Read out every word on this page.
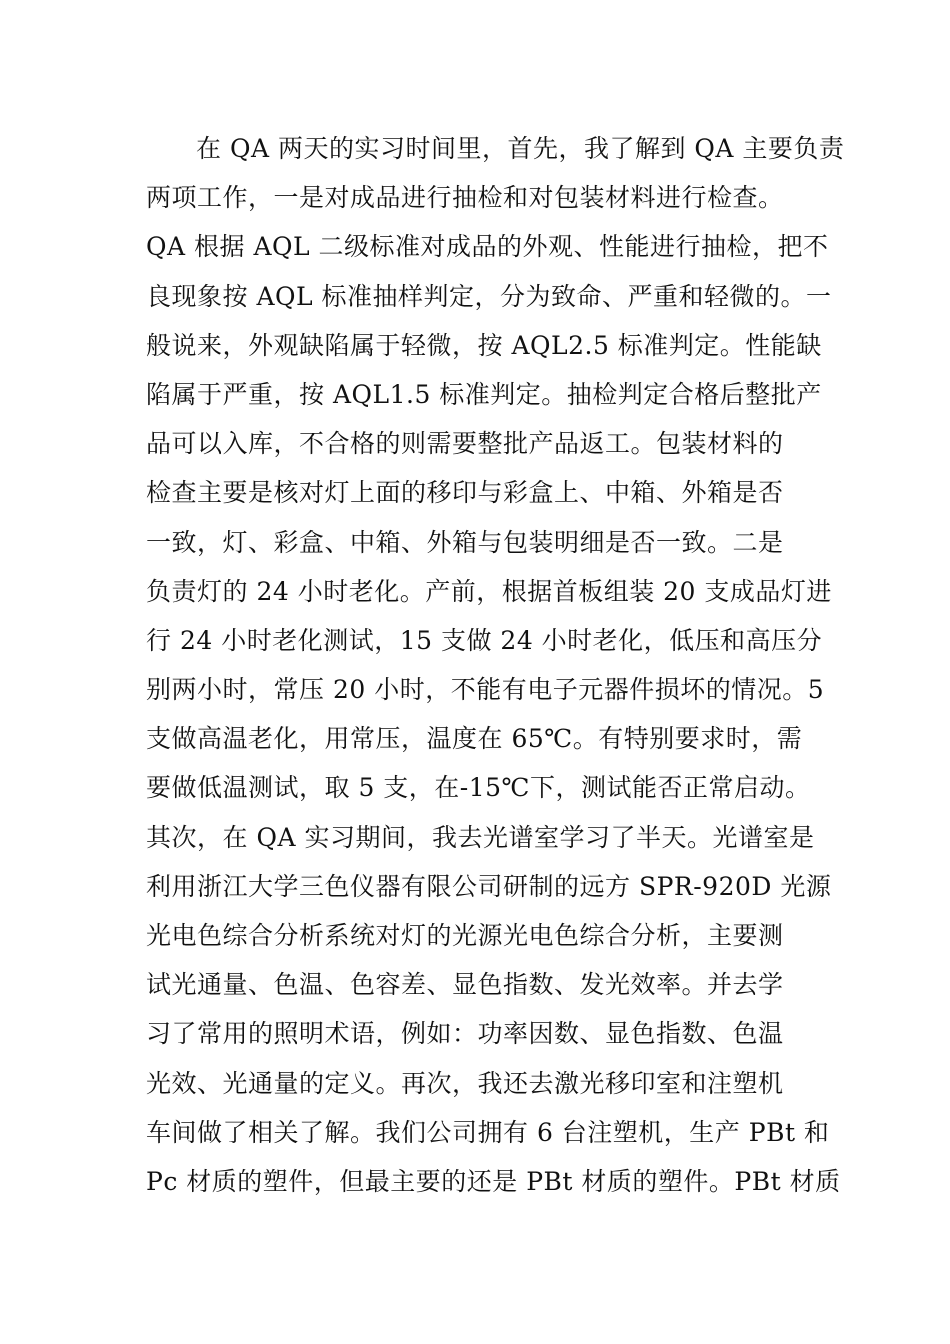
在 QA 两天的实习时间里，首先，我了解到 QA 主要负责
两项工作，一是对成品进行抽检和对包装材料进行检查。
QA 根据 AQL 二级标准对成品的外观、性能进行抽检，把不
良现象按 AQL 标准抽样判定，分为致命、严重和轻微的。一
般说来，外观缺陷属于轻微，按 AQL2.5 标准判定。性能缺
陷属于严重，按 AQL1.5 标准判定。抽检判定合格后整批产
品可以入库，不合格的则需要整批产品返工。包装材料的
检查主要是核对灯上面的移印与彩盒上、中箱、外箱是否
一致，灯、彩盒、中箱、外箱与包装明细是否一致。二是
负责灯的 24 小时老化。产前，根据首板组装 20 支成品灯进
行 24 小时老化测试，15 支做 24 小时老化，低压和高压分
别两小时，常压 20 小时，不能有电子元器件损坏的情况。5
支做高温老化，用常压，温度在 65℃。有特别要求时，需
要做低温测试，取 5 支，在-15℃下，测试能否正常启动。
其次，在 QA 实习期间，我去光谱室学习了半天。光谱室是
利用浙江大学三色仪器有限公司研制的远方 SPR-920D 光源
光电色综合分析系统对灯的光源光电色综合分析，主要测
试光通量、色温、色容差、显色指数、发光效率。并去学
习了常用的照明术语，例如：功率因数、显色指数、色温
光效、光通量的定义。再次，我还去激光移印室和注塑机
车间做了相关了解。我们公司拥有 6 台注塑机，生产 PBt 和
Pc 材质的塑件，但最主要的还是 PBt 材质的塑件。PBt 材质
